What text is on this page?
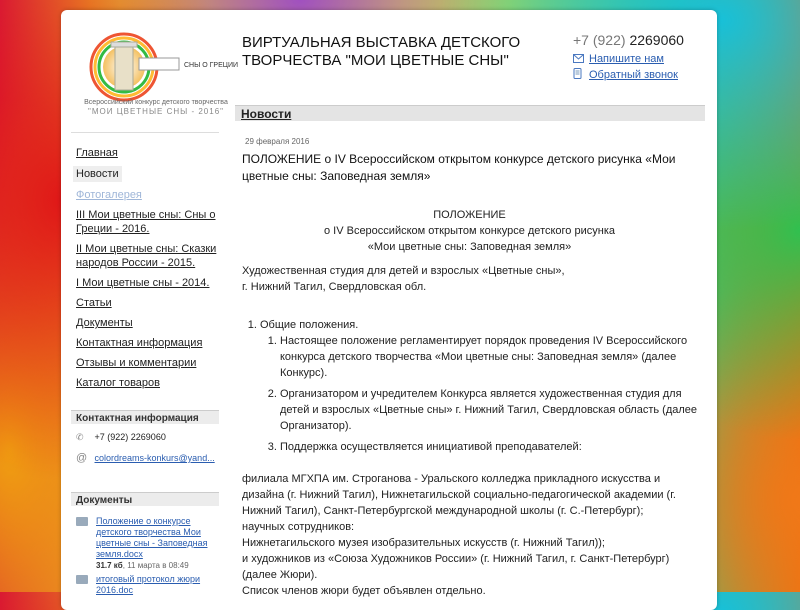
СНЫ О ГРЕЦИИ
Всероссийский конкурс детского творчества
"МОИ ЦВЕТНЫЕ СНЫ - 2016"
ВИРТУАЛЬНАЯ ВЫСТАВКА ДЕТСКОГО ТВОРЧЕСТВА "МОИ ЦВЕТНЫЕ СНЫ"
+7 (922) 2269060
Напишите нам
Обратный звонок
Главная
Новости
Фотогалерея
III Мои цветные сны: Сны о Греции - 2016.
II Мои цветные сны: Сказки народов России - 2015.
I Мои цветные сны - 2014.
Статьи
Документы
Контактная информация
Отзывы и комментарии
Каталог товаров
Контактная информация
✆ +7 (922) 2269060
@ colordreams-konkurs@yand...
Документы
Положение о конкурсе детского творчества Мои цветные сны - Заповедная земля.docx
31.7 кб, 11 марта в 08:49
итоговый протокол жюри 2016.doc
Новости
29 февраля 2016
ПОЛОЖЕНИЕ о IV Всероссийском открытом конкурсе детского рисунка «Мои цветные сны: Заповедная земля»
ПОЛОЖЕНИЕ
о IV Всероссийском открытом конкурсе детского рисунка
«Мои цветные сны: Заповедная земля»
Художественная студия для детей и взрослых «Цветные сны»,
г. Нижний Тагил, Свердловская обл.
1. Общие положения.
1. Настоящее положение регламентирует порядок проведения IV Всероссийского конкурса детского творчества «Мои цветные сны: Заповедная земля» (далее Конкурс).
2. Организатором и учредителем Конкурса является художественная студия для детей и взрослых «Цветные сны» г. Нижний Тагил, Свердловская область (далее Организатор).
3. Поддержка осуществляется инициативой преподавателей:
филиала МГХПА им. Строганова - Уральского колледжа прикладного искусства и дизайна (г. Нижний Тагил), Нижнетагильской социально-педагогической академии (г. Нижний Тагил), Санкт-Петербургской международной школы (г. С.-Петербург);
научных сотрудников:
Нижнетагильского музея изобразительных искусств (г. Нижний Тагил));
и художников из «Союза Художников России» (г. Нижний Тагил, г. Санкт-Петербург) (далее Жюри).
Список членов жюри будет объявлен отдельно.
